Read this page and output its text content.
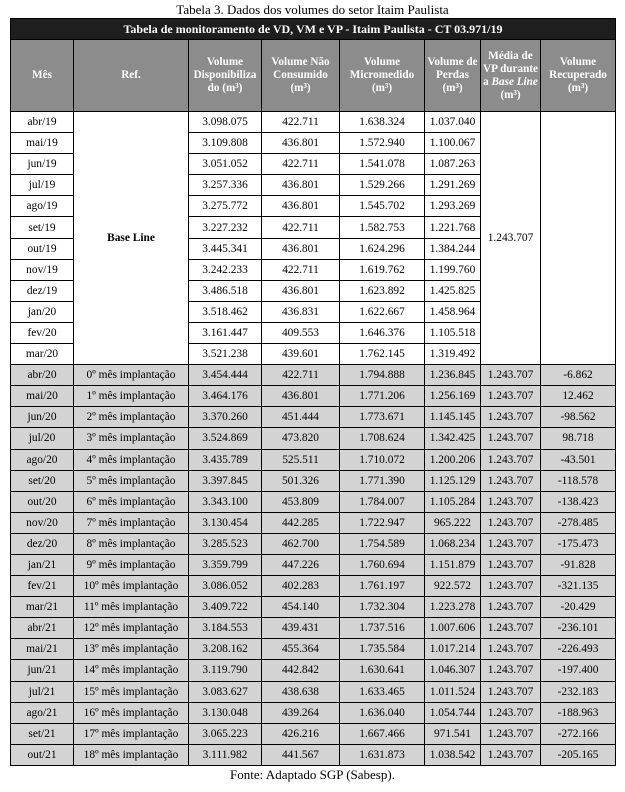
Tabela 3. Dados dos volumes do setor Itaim Paulista
Tabela de monitoramento de VD, VM e VP - Itaim Paulista - CT 03.971/19							
Mês	Ref.	Volume Disponibiliza do (m³)	Volume Não Consumido (m³)	Volume Micromedido (m³)	Volume de Perdas (m³)	Média de VP durante a Base Line (m³)	Volume Recuperado (m³)
abr/19	Base Line	3.098.075	422.711	1.638.324	1.037.040	1.243.707	
mai/19		3.109.808	436.801	1.572.940	1.100.067		
jun/19		3.051.052	422.711	1.541.078	1.087.263		
jul/19		3.257.336	436.801	1.529.266	1.291.269		
ago/19		3.275.772	436.801	1.545.702	1.293.269		
set/19		3.227.232	422.711	1.582.753	1.221.768		
out/19		3.445.341	436.801	1.624.296	1.384.244		
nov/19		3.242.233	422.711	1.619.762	1.199.760		
dez/19		3.486.518	436.801	1.623.892	1.425.825		
jan/20		3.518.462	436.831	1.622.667	1.458.964		
fev/20		3.161.447	409.553	1.646.376	1.105.518		
mar/20		3.521.238	439.601	1.762.145	1.319.492		
abr/20	0º mês implantação	3.454.444	422.711	1.794.888	1.236.845	1.243.707	-6.862
mai/20	1º mês implantação	3.464.176	436.801	1.771.206	1.256.169	1.243.707	12.462
jun/20	2º mês implantação	3.370.260	451.444	1.773.671	1.145.145	1.243.707	-98.562
jul/20	3º mês implantação	3.524.869	473.820	1.708.624	1.342.425	1.243.707	98.718
ago/20	4º mês implantação	3.435.789	525.511	1.710.072	1.200.206	1.243.707	-43.501
set/20	5º mês implantação	3.397.845	501.326	1.771.390	1.125.129	1.243.707	-118.578
out/20	6º mês implantação	3.343.100	453.809	1.784.007	1.105.284	1.243.707	-138.423
nov/20	7º mês implantação	3.130.454	442.285	1.722.947	965.222	1.243.707	-278.485
dez/20	8º mês implantação	3.285.523	462.700	1.754.589	1.068.234	1.243.707	-175.473
jan/21	9º mês implantação	3.359.799	447.226	1.760.694	1.151.879	1.243.707	-91.828
fev/21	10º mês implantação	3.086.052	402.283	1.761.197	922.572	1.243.707	-321.135
mar/21	11º mês implantação	3.409.722	454.140	1.732.304	1.223.278	1.243.707	-20.429
abr/21	12º mês implantação	3.184.553	439.431	1.737.516	1.007.606	1.243.707	-236.101
mai/21	13º mês implantação	3.208.162	455.364	1.735.584	1.017.214	1.243.707	-226.493
jun/21	14º mês implantação	3.119.790	442.842	1.630.641	1.046.307	1.243.707	-197.400
jul/21	15º mês implantação	3.083.627	438.638	1.633.465	1.011.524	1.243.707	-232.183
ago/21	16º mês implantação	3.130.048	439.264	1.636.040	1.054.744	1.243.707	-188.963
set/21	17º mês implantação	3.065.223	426.216	1.667.466	971.541	1.243.707	-272.166
out/21	18º mês implantação	3.111.982	441.567	1.631.873	1.038.542	1.243.707	-205.165
Fonte: Adaptado SGP (Sabesp).
